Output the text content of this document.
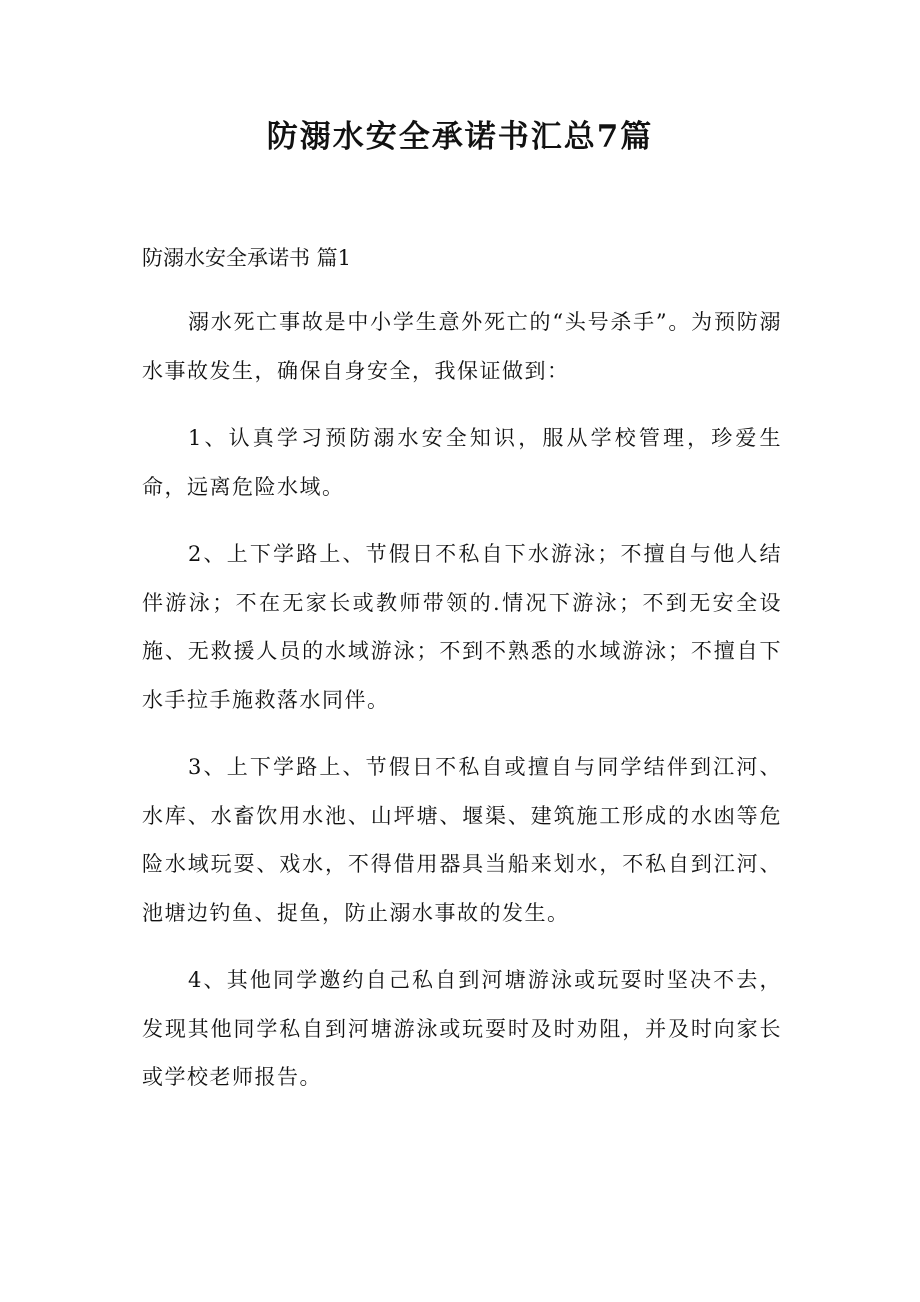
防溺水安全承诺书汇总7篇

防溺水安全承诺书 篇1

溺水死亡事故是中小学生意外死亡的“头号杀手”。为预防溺水事故发生，确保自身安全，我保证做到：

1、认真学习预防溺水安全知识，服从学校管理，珍爱生命，远离危险水域。

2、上下学路上、节假日不私自下水游泳；不擅自与他人结伴游泳；不在无家长或教师带领的.情况下游泳；不到无安全设施、无救援人员的水域游泳；不到不熟悉的水域游泳；不擅自下水手拉手施救落水同伴。

3、上下学路上、节假日不私自或擅自与同学结伴到江河、水库、水畜饮用水池、山坪塘、堰渠、建筑施工形成的水凼等危险水域玩耍、戏水，不得借用器具当船来划水，不私自到江河、池塘边钓鱼、捉鱼，防止溺水事故的发生。

4、其他同学邀约自己私自到河塘游泳或玩耍时坚决不去，发现其他同学私自到河塘游泳或玩耍时及时劝阻，并及时向家长或学校老师报告。
